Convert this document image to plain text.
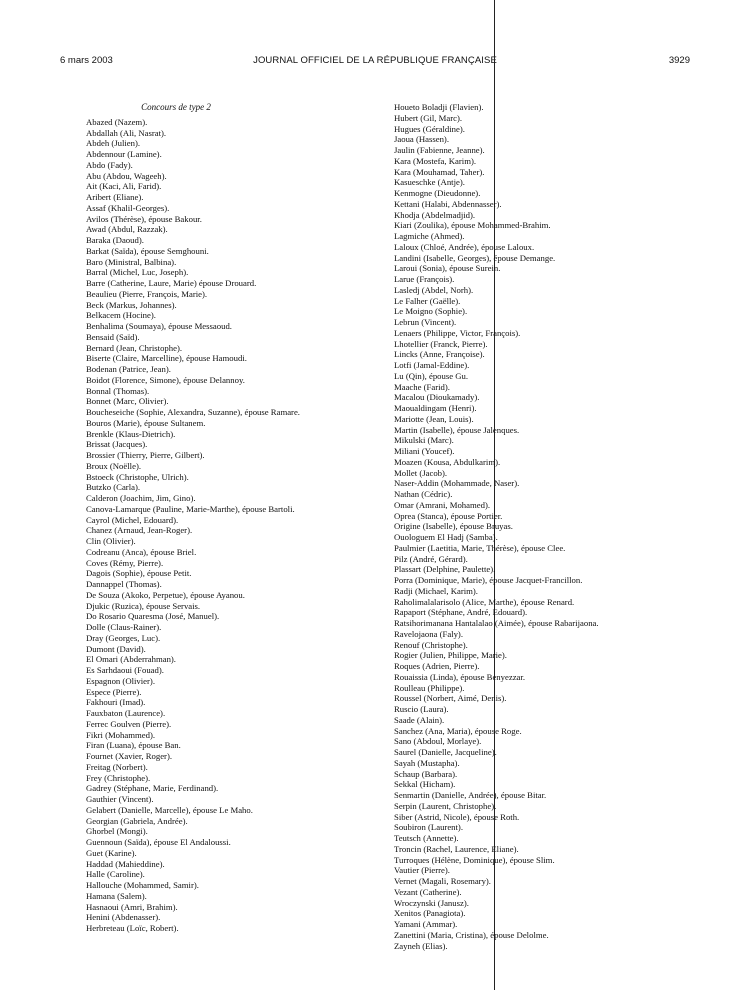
6 mars 2003	JOURNAL OFFICIEL DE LA RÉPUBLIQUE FRANÇAISE	3929
Concours de type 2
Abazed (Nazem).
Abdallah (Ali, Nasrat).
Abdeh (Julien).
Abdennour (Lamine).
Abdo (Fady).
Abu (Abdou, Wageeh).
Ait (Kaci, Ali, Farid).
Aribert (Eliane).
Assaf (Khalil-Georges).
Avilos (Thérèse), épouse Bakour.
Awad (Abdul, Razzak).
Baraka (Daoud).
Barkat (Saïda), épouse Semghouni.
Baro (Ministral, Balbina).
Barral (Michel, Luc, Joseph).
Barre (Catherine, Laure, Marie) épouse Drouard.
Beaulieu (Pierre, François, Marie).
Beck (Markus, Johannes).
Belkacem (Hocine).
Benhalima (Soumaya), épouse Messaoud.
Bensaid (Saïd).
Bernard (Jean, Christophe).
Biserte (Claire, Marcelline), épouse Hamoudi.
Bodenan (Patrice, Jean).
Boidot (Florence, Simone), épouse Delannoy.
Bonnal (Thomas).
Bonnet (Marc, Olivier).
Boucheseiche (Sophie, Alexandra, Suzanne), épouse Ramare.
Bouros (Marie), épouse Sultanem.
Brenkle (Klaus-Dietrich).
Brissat (Jacques).
Brossier (Thierry, Pierre, Gilbert).
Broux (Noëlle).
Bstoeck (Christophe, Ulrich).
Butzko (Carla).
Calderon (Joachim, Jim, Gino).
Canova-Lamarque (Pauline, Marie-Marthe), épouse Bartoli.
Cayrol (Michel, Edouard).
Chanez (Arnaud, Jean-Roger).
Clin (Olivier).
Codreanu (Anca), épouse Briel.
Coves (Rémy, Pierre).
Dagois (Sophie), épouse Petit.
Dannappel (Thomas).
De Souza (Akoko, Perpetue), épouse Ayanou.
Djukic (Ruzica), épouse Servais.
Do Rosario Quaresma (José, Manuel).
Dolle (Claus-Rainer).
Dray (Georges, Luc).
Dumont (David).
El Omari (Abderrahman).
Es Sarhdaoui (Fouad).
Espagnon (Olivier).
Espece (Pierre).
Fakhouri (Imad).
Fauxbaton (Laurence).
Ferrec Goulven (Pierre).
Fikri (Mohammed).
Firan (Luana), épouse Ban.
Fournet (Xavier, Roger).
Freitag (Norbert).
Frey (Christophe).
Gadrey (Stéphane, Marie, Ferdinand).
Gauthier (Vincent).
Gelabert (Danielle, Marcelle), épouse Le Maho.
Georgian (Gabriela, Andrée).
Ghorbel (Mongi).
Guennoun (Saïda), épouse El Andaloussi.
Guet (Karine).
Haddad (Mahieddine).
Halle (Caroline).
Hallouche (Mohammed, Samir).
Hamana (Salem).
Hasnaoui (Amri, Brahim).
Henini (Abdenasser).
Herbreteau (Loïc, Robert).
Houeto Boladji (Flavien).
Hubert (Gil, Marc).
Hugues (Géraldine).
Jaoua (Hassen).
Jaulin (Fabienne, Jeanne).
Kara (Mostefa, Karim).
Kara (Mouhamad, Taher).
Kasueschke (Antje).
Kenmogne (Dieudonne).
Kettani (Halabi, Abdennasser).
Khodja (Abdelmadjid).
Kiari (Zoulika), épouse Mohammed-Brahim.
Lagmiche (Ahmed).
Laloux (Chloé, Andrée), épouse Laloux.
Landini (Isabelle, Georges), épouse Demange.
Laroui (Sonia), épouse Surein.
Larue (François).
Lasledj (Abdel, Norh).
Le Falher (Gaëlle).
Le Moigno (Sophie).
Lebrun (Vincent).
Lenaers (Philippe, Victor, François).
Lhotellier (Franck, Pierre).
Lincks (Anne, Françoise).
Lotfi (Jamal-Eddine).
Lu (Qin), épouse Gu.
Maache (Farid).
Macalou (Dioukamady).
Maoualdingam (Henri).
Mariotte (Jean, Louis).
Martin (Isabelle), épouse Jalenques.
Mikulski (Marc).
Miliani (Youcef).
Moazen (Kousa, Abdulkarim).
Mollet (Jacob).
Naser-Addin (Mohammade, Naser).
Nathan (Cédric).
Omar (Amrani, Mohamed).
Oprea (Stanca), épouse Portier.
Origine (Isabelle), épouse Bruyas.
Ouologuem El Hadj (Samba).
Paulmier (Laetitia, Marie, Thérèse), épouse Clee.
Pilz (André, Gérard).
Plassart (Delphine, Paulette).
Porra (Dominique, Marie), épouse Jacquet-Francillon.
Radji (Michael, Karim).
Raholimalalarisolo (Alice, Marthe), épouse Renard.
Rapaport (Stéphane, André, Edouard).
Ratsihorimanana Hantalalao (Aimée), épouse Rabarijaona.
Ravelojaona (Faly).
Renouf (Christophe).
Rogier (Julien, Philippe, Marie).
Roques (Adrien, Pierre).
Rouaissia (Linda), épouse Benyezzar.
Roulleau (Philippe).
Roussel (Norbert, Aimé, Denis).
Ruscio (Laura).
Saade (Alain).
Sanchez (Ana, Maria), épouse Roge.
Sano (Abdoul, Morlaye).
Saurel (Danielle, Jacqueline).
Sayah (Mustapha).
Schaup (Barbara).
Sekkal (Hicham).
Senmartin (Danielle, Andrée), épouse Bitar.
Serpin (Laurent, Christophe).
Siber (Astrid, Nicole), épouse Roth.
Soubiron (Laurent).
Teutsch (Annette).
Troncin (Rachel, Laurence, Eliane).
Turroques (Hélène, Dominique), épouse Slim.
Vautier (Pierre).
Vernet (Magali, Rosemary).
Vezant (Catherine).
Wroczynski (Janusz).
Xenitos (Panagiota).
Yamani (Ammar).
Zanettini (Maria, Cristina), épouse Delolme.
Zayneh (Elias).
